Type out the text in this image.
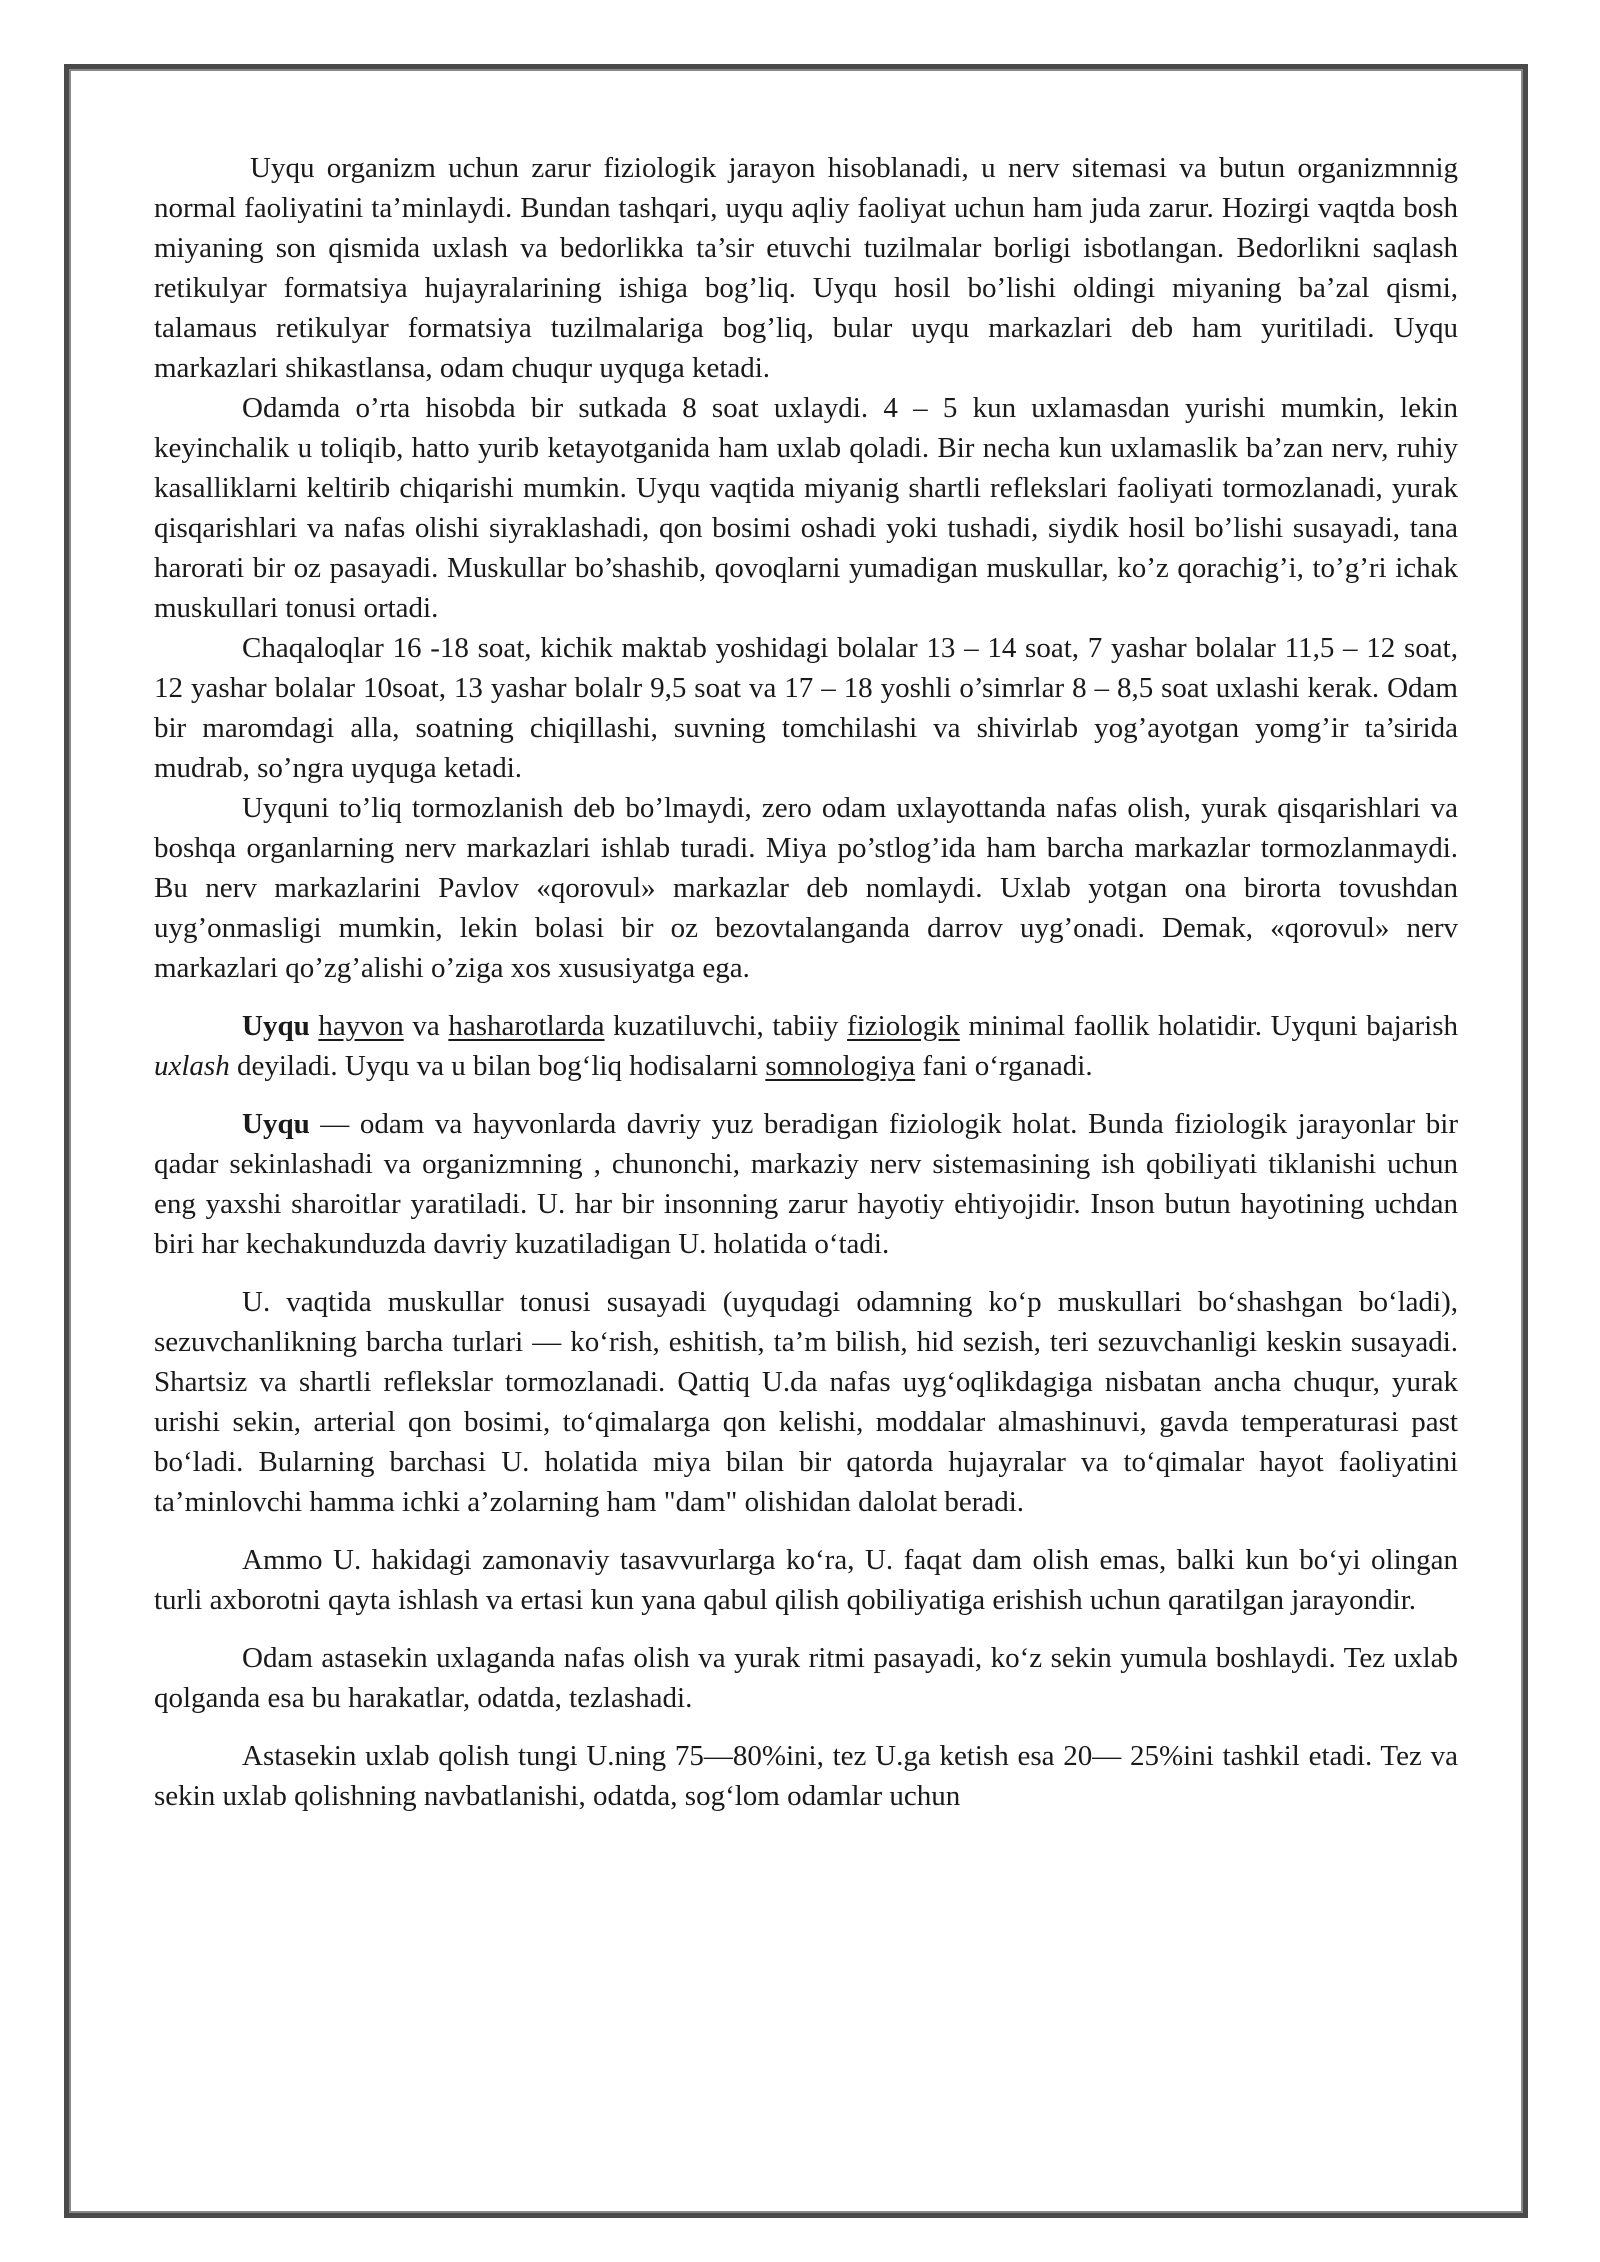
Uyqu organizm uchun zarur fiziologik jarayon hisoblanadi, u nerv sitemasi va butun organizmnnig normal faoliyatini ta’minlaydi. Bundan tashqari, uyqu aqliy faoliyat uchun ham juda zarur. Hozirgi vaqtda bosh miyaning son qismida uxlash va bedorlikka ta’sir etuvchi tuzilmalar borligi isbotlangan. Bedorlikni saqlash retikulyar formatsiya hujayralarining ishiga bog’liq. Uyqu hosil bo’lishi oldingi miyaning ba’zal qismi, talamaus retikulyar formatsiya tuzilmalariga bog’liq, bular uyqu markazlari deb ham yuritiladi. Uyqu markazlari shikastlansa, odam chuqur uyquga ketadi.

Odamda o’rta hisobda bir sutkada 8 soat uxlaydi. 4 – 5 kun uxlamasdan yurishi mumkin, lekin keyinchalik u toliqib, hatto yurib ketayotganida ham uxlab qoladi. Bir necha kun uxlamaslik ba’zan nerv, ruhiy kasalliklarni keltirib chiqarishi mumkin. Uyqu vaqtida miyanig shartli reflekslari faoliyati tormozlanadi, yurak qisqarishlari va nafas olishi siyraklashadi, qon bosimi oshadi yoki tushadi, siydik hosil bo’lishi susayadi, tana harorati bir oz pasayadi. Muskullar bo’shashib, qovoqlarni yumadigan muskullar, ko’z qorachig’i, to’g’ri ichak muskullari tonusi ortadi.

Chaqaloqlar 16 -18 soat, kichik maktab yoshidagi bolalar 13 – 14 soat, 7 yashar bolalar 11,5 – 12 soat, 12 yashar bolalar 10soat, 13 yashar bolalr 9,5 soat va 17 – 18 yoshli o’simrlar 8 – 8,5 soat uxlashi kerak. Odam bir maromdagi alla, soatning chiqillashi, suvning tomchilashi va shivirlab yog’ayotgan yomg’ir ta’sirida mudrab, so’ngra uyquga ketadi.

Uyquni to’liq tormozlanish deb bo’lmaydi, zero odam uxlayottanda nafas olish, yurak qisqarishlari va boshqa organlarning nerv markazlari ishlab turadi. Miya po’stlog’ida ham barcha markazlar tormozlanmaydi. Bu nerv markazlarini Pavlov «qorovul» markazlar deb nomlaydi. Uxlab yotgan ona birorta tovushdan uyg’onmasligi mumkin, lekin bolasi bir oz bezovtalanganda darrov uyg’onadi. Demak, «qorovul» nerv markazlari qo’zg’alishi o’ziga xos xususiyatga ega.

Uyqu hayvon va hasharotlarda kuzatiluvchi, tabiiy fiziologik minimal faollik holatidir. Uyquni bajarish uxlash deyiladi. Uyqu va u bilan bog‘liq hodisalarni somnologiya fani o‘rganadi.

Uyqu — odam va hayvonlarda davriy yuz beradigan fiziologik holat. Bunda fiziologik jarayonlar bir qadar sekinlashadi va organizmning , chunonchi, markaziy nerv sistemasining ish qobiliyati tiklanishi uchun eng yaxshi sharoitlar yaratiladi. U. har bir insonning zarur hayotiy ehtiyojidir. Inson butun hayotining uchdan biri har kechakunduzda davriy kuzatiladigan U. holatida o‘tadi.

U. vaqtida muskullar tonusi susayadi (uyqudagi odamning ko‘p muskullari bo‘shashgan bo‘ladi), sezuvchanlikning barcha turlari — ko‘rish, eshitish, ta’m bilish, hid sezish, teri sezuvchanligi keskin susayadi. Shartsiz va shartli reflekslar tormozlanadi. Qattiq U.da nafas uyg‘oqlikdagiga nisbatan ancha chuqur, yurak urishi sekin, arterial qon bosimi, to‘qimalarga qon kelishi, moddalar almashinuvi, gavda temperaturasi past bo‘ladi. Bularning barchasi U. holatida miya bilan bir qatorda hujayralar va to‘qimalar hayot faoliyatini ta’minlovchi hamma ichki a’zolarning ham "dam" olishidan dalolat beradi.

Ammo U. hakidagi zamonaviy tasavvurlarga ko‘ra, U. faqat dam olish emas, balki kun bo‘yi olingan turli axborotni qayta ishlash va ertasi kun yana qabul qilish qobiliyatiga erishish uchun qaratilgan jarayondir.

Odam astasekin uxlaganda nafas olish va yurak ritmi pasayadi, ko‘z sekin yumula boshlaydi. Tez uxlab qolganda esa bu harakatlar, odatda, tezlashadi.

Astasekin uxlab qolish tungi U.ning 75—80%ini, tez U.ga ketish esa 20— 25%ini tashkil etadi. Tez va sekin uxlab qolishning navbatlanishi, odatda, sog‘lom odamlar uchun
